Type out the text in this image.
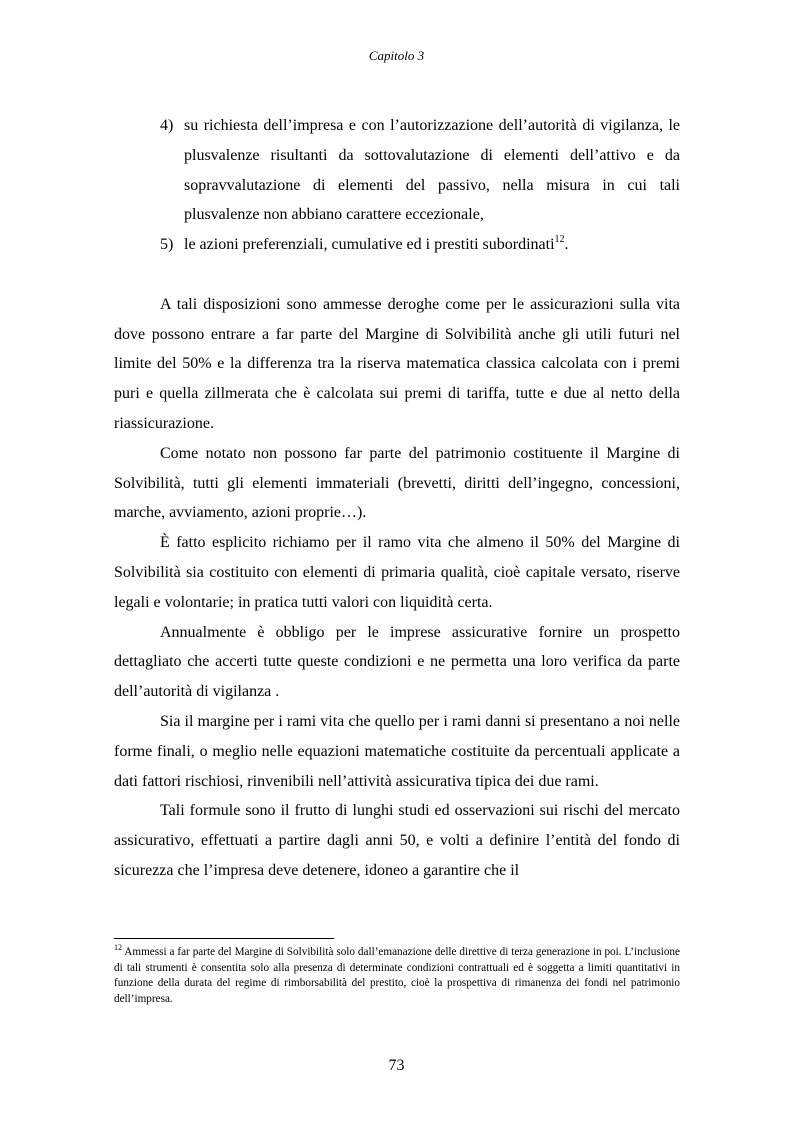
Capitolo 3
4) su richiesta dell’impresa e con l’autorizzazione dell’autorità di vigilanza, le plusvalenze risultanti da sottovalutazione di elementi dell’attivo e da sopravvalutazione di elementi del passivo, nella misura in cui tali plusvalenze non abbiano carattere eccezionale,
5) le azioni preferenziali, cumulative ed i prestiti subordinati$^{12}$.

A tali disposizioni sono ammesse deroghe come per le assicurazioni sulla vita dove possono entrare a far parte del Margine di Solvibilità anche gli utili futuri nel limite del 50% e la differenza tra la riserva matematica classica calcolata con i premi puri e quella zillmerata che è calcolata sui premi di tariffa, tutte e due al netto della riassicurazione.

Come notato non possono far parte del patrimonio costituente il Margine di Solvibilità, tutti gli elementi immateriali (brevetti, diritti dell’ingegno, concessioni, marche, avviamento, azioni proprie…).

È fatto esplicito richiamo per il ramo vita che almeno il 50% del Margine di Solvibilità sia costituito con elementi di primaria qualità, cioè capitale versato, riserve legali e volontarie; in pratica tutti valori con liquidità certa.

Annualmente è obbligo per le imprese assicurative fornire un prospetto dettagliato che accerti tutte queste condizioni e ne permetta una loro verifica da parte dell’autorità di vigilanza .

Sia il margine per i rami vita che quello per i rami danni si presentano a noi nelle forme finali, o meglio nelle equazioni matematiche costituite da percentuali applicate a dati fattori rischiosi, rinvenibili nell’attività assicurativa tipica dei due rami.

Tali formule sono il frutto di lunghi studi ed osservazioni sui rischi del mercato assicurativo, effettuati a partire dagli anni 50, e volti a definire l’entità del fondo di sicurezza che l’impresa deve detenere, idoneo a garantire che il

$^{12}$ Ammessi a far parte del Margine di Solvibilità solo dall’emanazione delle direttive di terza generazione in poi. L’inclusione di tali strumenti è consentita solo alla presenza di determinate condizioni contrattuali ed è soggetta a limiti quantitativi in funzione della durata del regime di rimborsabilità del prestito, cioè la prospettiva di rimanenza dei fondi nel patrimonio dell’impresa.
73
